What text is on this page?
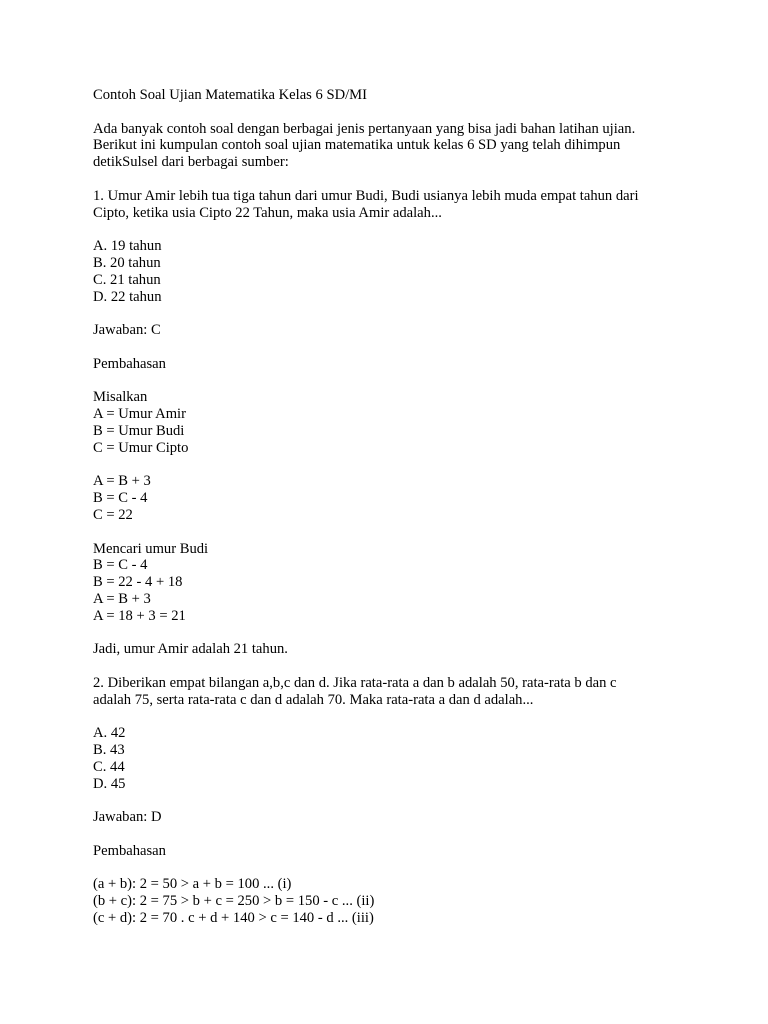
Contoh Soal Ujian Matematika Kelas 6 SD/MI
Ada banyak contoh soal dengan berbagai jenis pertanyaan yang bisa jadi bahan latihan ujian.
Berikut ini kumpulan contoh soal ujian matematika untuk kelas 6 SD yang telah dihimpun
detikSulsel dari berbagai sumber:
1. Umur Amir lebih tua tiga tahun dari umur Budi, Budi usianya lebih muda empat tahun dari
Cipto, ketika usia Cipto 22 Tahun, maka usia Amir adalah...
A. 19 tahun
B. 20 tahun
C. 21 tahun
D. 22 tahun
Jawaban: C
Pembahasan
Misalkan
A = Umur Amir
B = Umur Budi
C = Umur Cipto
A = B + 3
B = C - 4
C = 22
Mencari umur Budi
B = C - 4
B = 22 - 4 + 18
A = B + 3
A = 18 + 3 = 21
Jadi, umur Amir adalah 21 tahun.
2. Diberikan empat bilangan a,b,c dan d. Jika rata-rata a dan b adalah 50, rata-rata b dan c
adalah 75, serta rata-rata c dan d adalah 70. Maka rata-rata a dan d adalah...
A. 42
B. 43
C. 44
D. 45
Jawaban: D
Pembahasan
(a + b): 2 = 50 > a + b = 100 ... (i)
(b + c): 2 = 75 > b + c = 250 > b = 150 - c ... (ii)
(c + d): 2 = 70 . c + d + 140 > c = 140 - d ... (iii)
